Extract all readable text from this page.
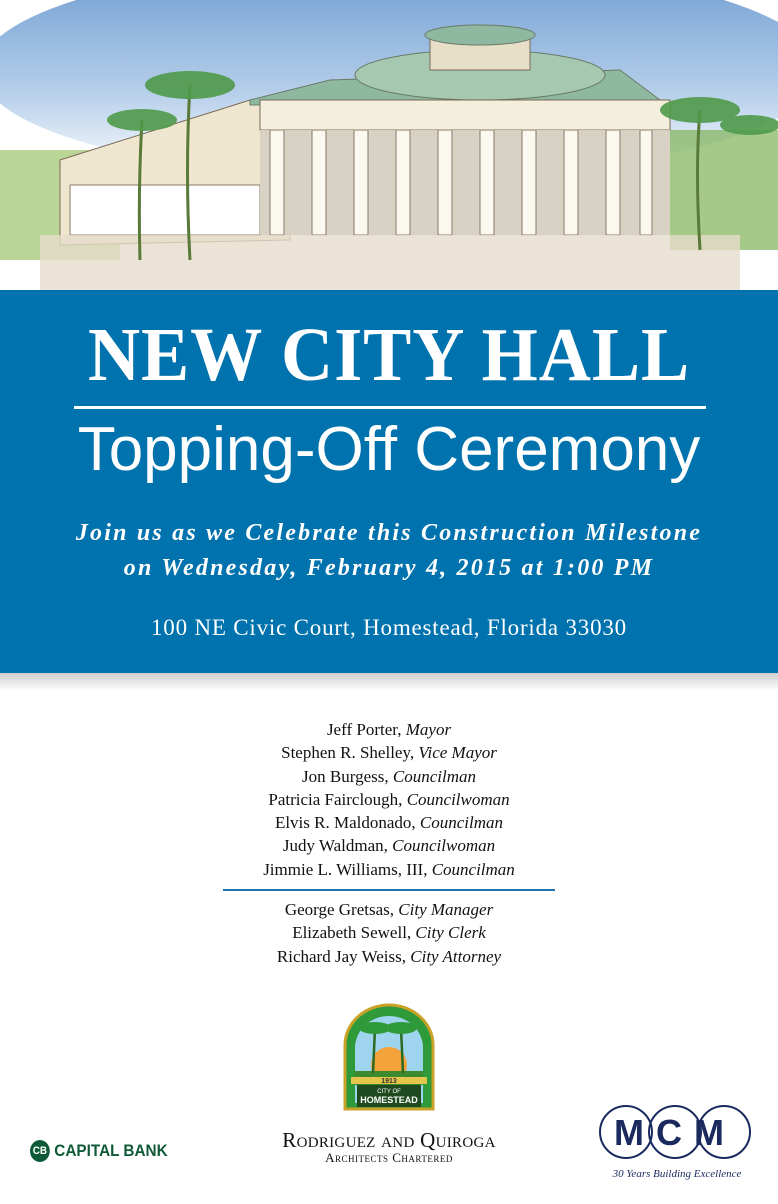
NEW CITY HALL
Topping-Off Ceremony
Join us as we Celebrate this Construction Milestone
on Wednesday, February 4, 2015 at 1:00 PM
100 NE Civic Court, Homestead, Florida 33030
Jeff Porter, Mayor
Stephen R. Shelley, Vice Mayor
Jon Burgess, Councilman
Patricia Fairclough, Councilwoman
Elvis R. Maldonado, Councilman
Judy Waldman, Councilwoman
Jimmie L. Williams, III, Councilman
George Gretsas, City Manager
Elizabeth Sewell, City Clerk
Richard Jay Weiss, City Attorney
1913
CITY OF
HOMESTEAD
CB CAPITAL BANK	Rodriguez and Quiroga
Architects Chartered
MCM
30 Years Building Excellence
